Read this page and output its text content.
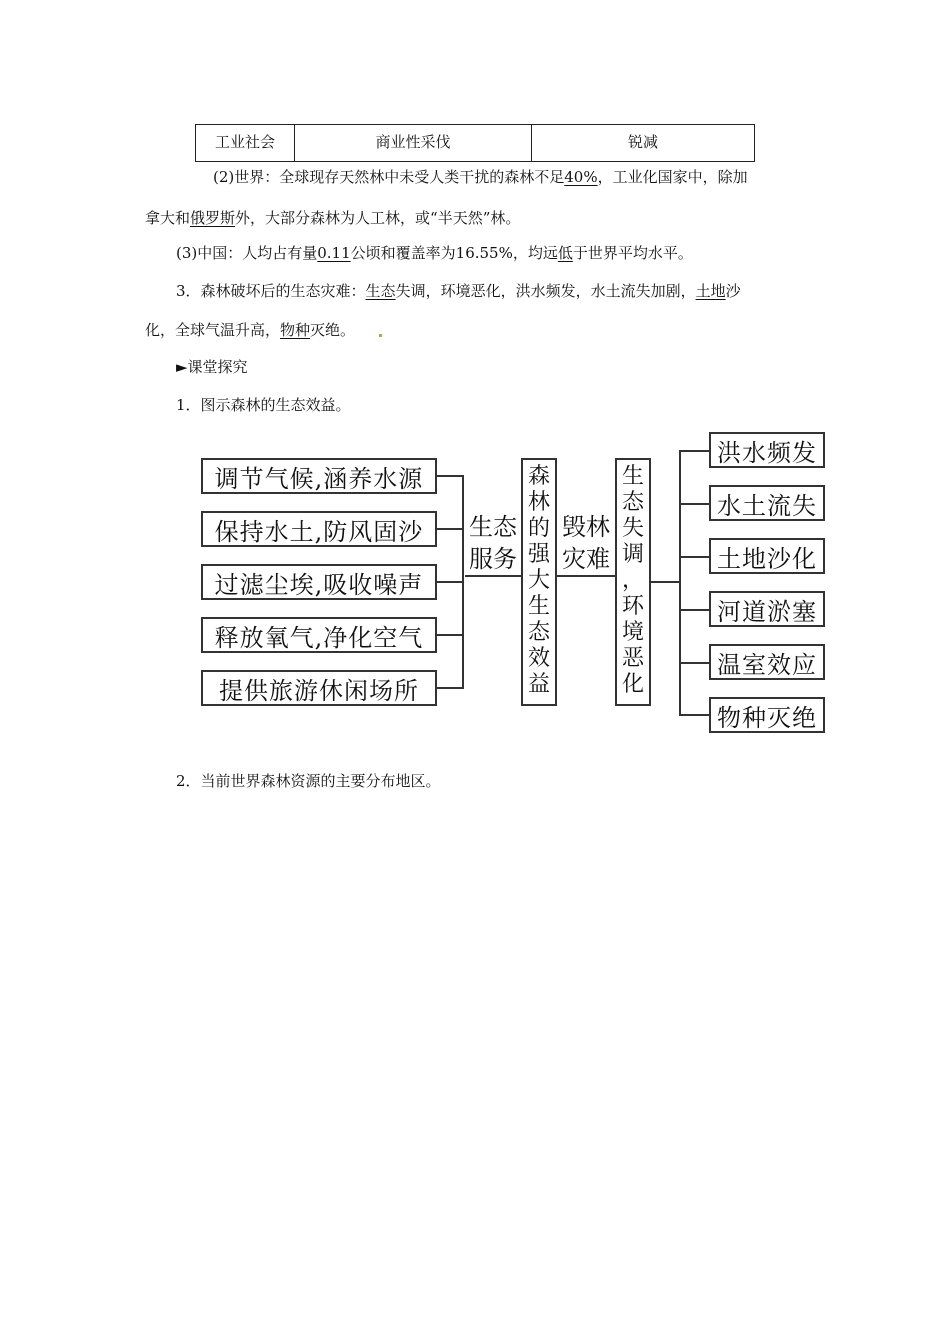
工业社会	商业性采伐	锐减
(2)世界：全球现存天然林中未受人类干扰的森林不足40%，工业化国家中，除加
拿大和俄罗斯外，大部分森林为人工林，或“半天然”林。
(3)中国：人均占有量0.11公顷和覆盖率为16.55%，均远低于世界平均水平。
3．森林破坏后的生态灾难：生态失调，环境恶化，洪水频发，水土流失加剧，土地沙
化，全球气温升高，物种灭绝。
►课堂探究
1．图示森林的生态效益。
调节气候,涵养水源
保持水土,防风固沙
过滤尘埃,吸收噪声
释放氧气,净化空气
提供旅游休闲场所
生态
服务
森
林
的
强
大
生
态
效
益
毁林
灾难
生
态
失
调
，
环
境
恶
化
洪水频发
水土流失
土地沙化
河道淤塞
温室效应
物种灭绝
2．当前世界森林资源的主要分布地区。
